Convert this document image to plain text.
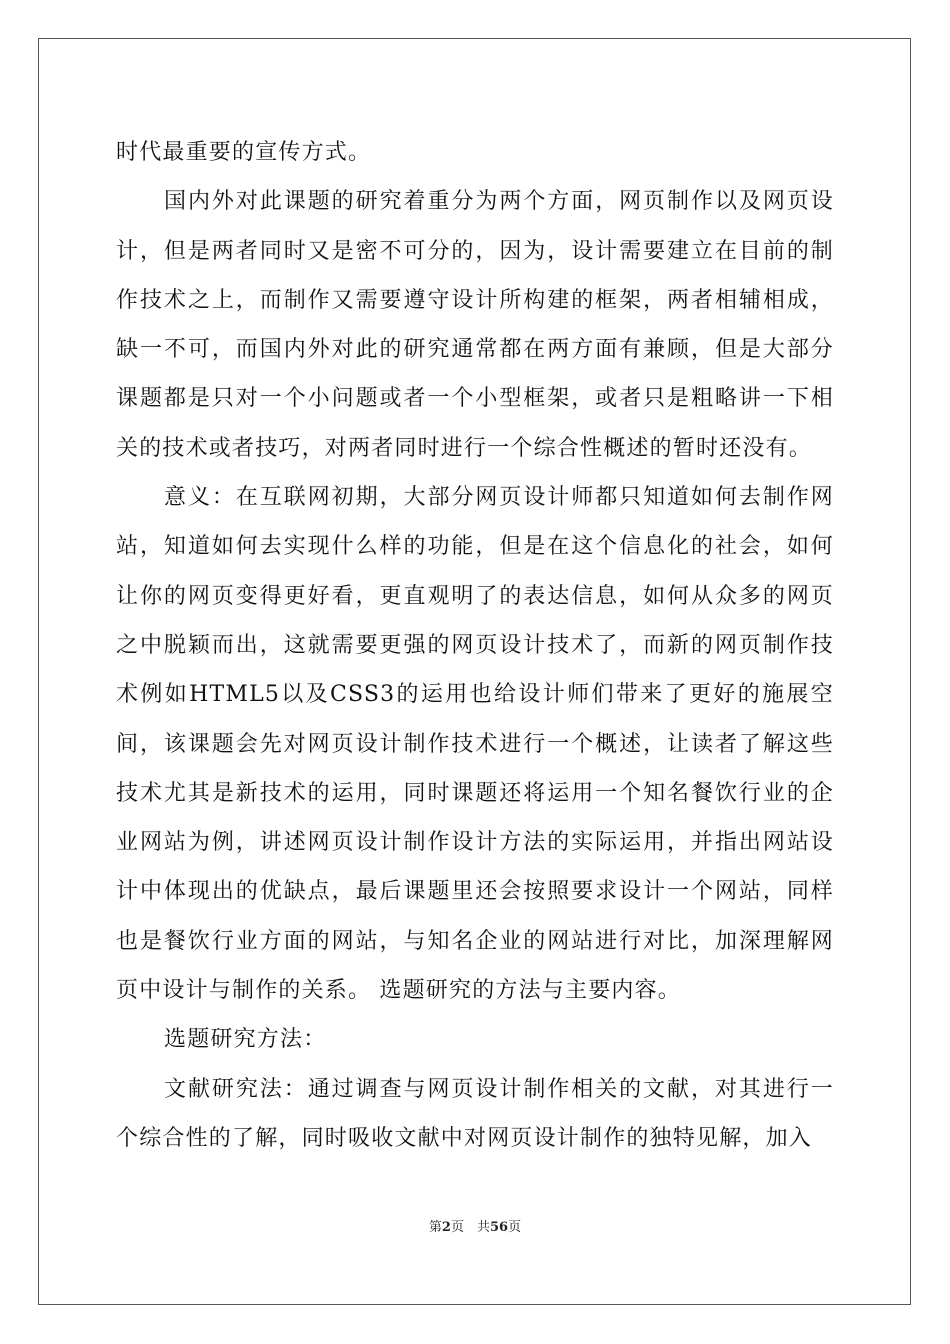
时代最重要的宣传方式。

国内外对此课题的研究着重分为两个方面，网页制作以及网页设计，但是两者同时又是密不可分的，因为，设计需要建立在目前的制作技术之上，而制作又需要遵守设计所构建的框架，两者相辅相成，缺一不可，而国内外对此的研究通常都在两方面有兼顾，但是大部分课题都是只对一个小问题或者一个小型框架，或者只是粗略讲一下相关的技术或者技巧，对两者同时进行一个综合性概述的暂时还没有。

意义：在互联网初期，大部分网页设计师都只知道如何去制作网站，知道如何去实现什么样的功能，但是在这个信息化的社会，如何让你的网页变得更好看，更直观明了的表达信息，如何从众多的网页之中脱颖而出，这就需要更强的网页设计技术了，而新的网页制作技术例如HTML5以及CSS3的运用也给设计师们带来了更好的施展空间，该课题会先对网页设计制作技术进行一个概述，让读者了解这些技术尤其是新技术的运用，同时课题还将运用一个知名餐饮行业的企业网站为例，讲述网页设计制作设计方法的实际运用，并指出网站设计中体现出的优缺点，最后课题里还会按照要求设计一个网站，同样也是餐饮行业方面的网站，与知名企业的网站进行对比，加深理解网页中设计与制作的关系。 选题研究的方法与主要内容。

选题研究方法：

文献研究法：通过调查与网页设计制作相关的文献，对其进行一个综合性的了解，同时吸收文献中对网页设计制作的独特见解，加入

第2页　共56页
